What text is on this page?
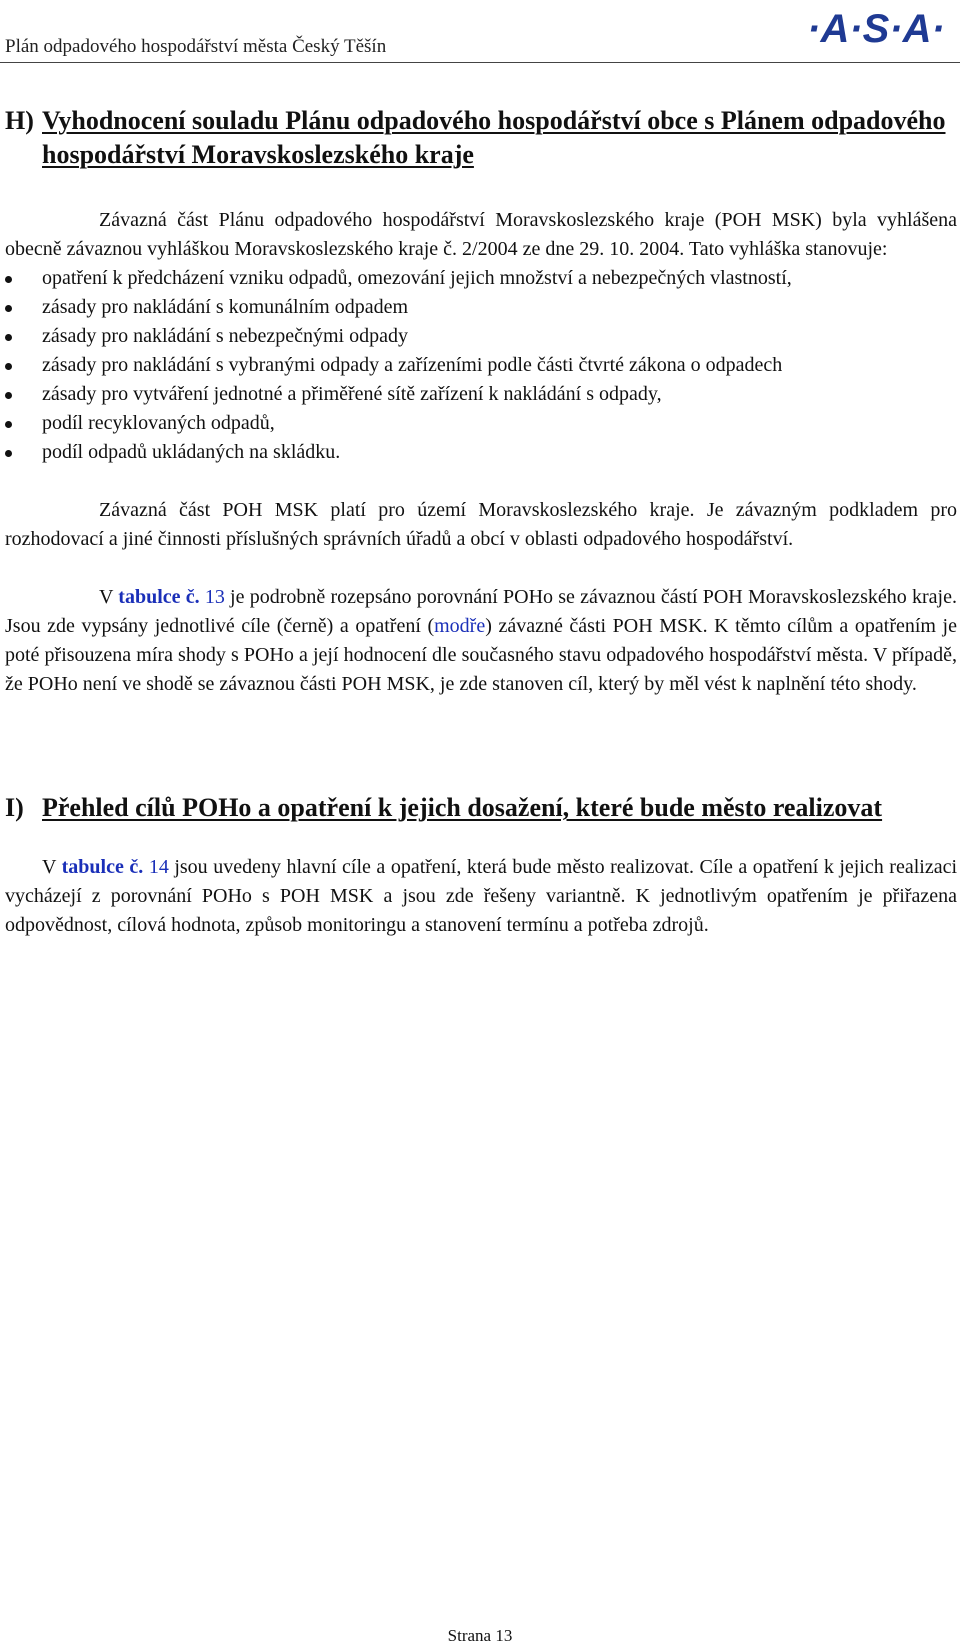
Plán odpadového hospodářství města Český Těšín	·A·S·A·
H) Vyhodnocení souladu Plánu odpadového hospodářství obce s Plánem odpadového hospodářství Moravskoslezského kraje

Závazná část Plánu odpadového hospodářství Moravskoslezského kraje (POH MSK) byla vyhlášena obecně závaznou vyhláškou Moravskoslezského kraje č. 2/2004 ze dne 29. 10. 2004. Tato vyhláška stanovuje:

opatření k předcházení vzniku odpadů, omezování jejich množství a nebezpečných vlastností,
zásady pro nakládání s komunálním odpadem
zásady pro nakládání s nebezpečnými odpady
zásady pro nakládání s vybranými odpady a zařízeními podle části čtvrté zákona o odpadech
zásady pro vytváření jednotné a přiměřené sítě zařízení k nakládání s odpady,
podíl recyklovaných odpadů,
podíl odpadů ukládaných na skládku.

Závazná část POH MSK platí pro území Moravskoslezského kraje. Je závazným podkladem pro rozhodovací a jiné činnosti příslušných správních úřadů a obcí v oblasti odpadového hospodářství.

V tabulce č. 13 je podrobně rozepsáno porovnání POHo se závaznou částí POH Moravskoslezského kraje. Jsou zde vypsány jednotlivé cíle (černě) a opatření (modře) závazné části POH MSK. K těmto cílům a opatřením je poté přisouzena míra shody s POHo a její hodnocení dle současného stavu odpadového hospodářství města. V případě, že POHo není ve shodě se závaznou části POH MSK, je zde stanoven cíl, který by měl vést k naplnění této shody.

I) Přehled cílů POHo a opatření k jejich dosažení, které bude město realizovat

V tabulce č. 14 jsou uvedeny hlavní cíle a opatření, která bude město realizovat. Cíle a opatření k jejich realizaci vycházejí z porovnání POHo s POH MSK a jsou zde řešeny variantně. K jednotlivým opatřením je přiřazena odpovědnost, cílová hodnota, způsob monitoringu a stanovení termínu a potřeba zdrojů.

Strana 13
